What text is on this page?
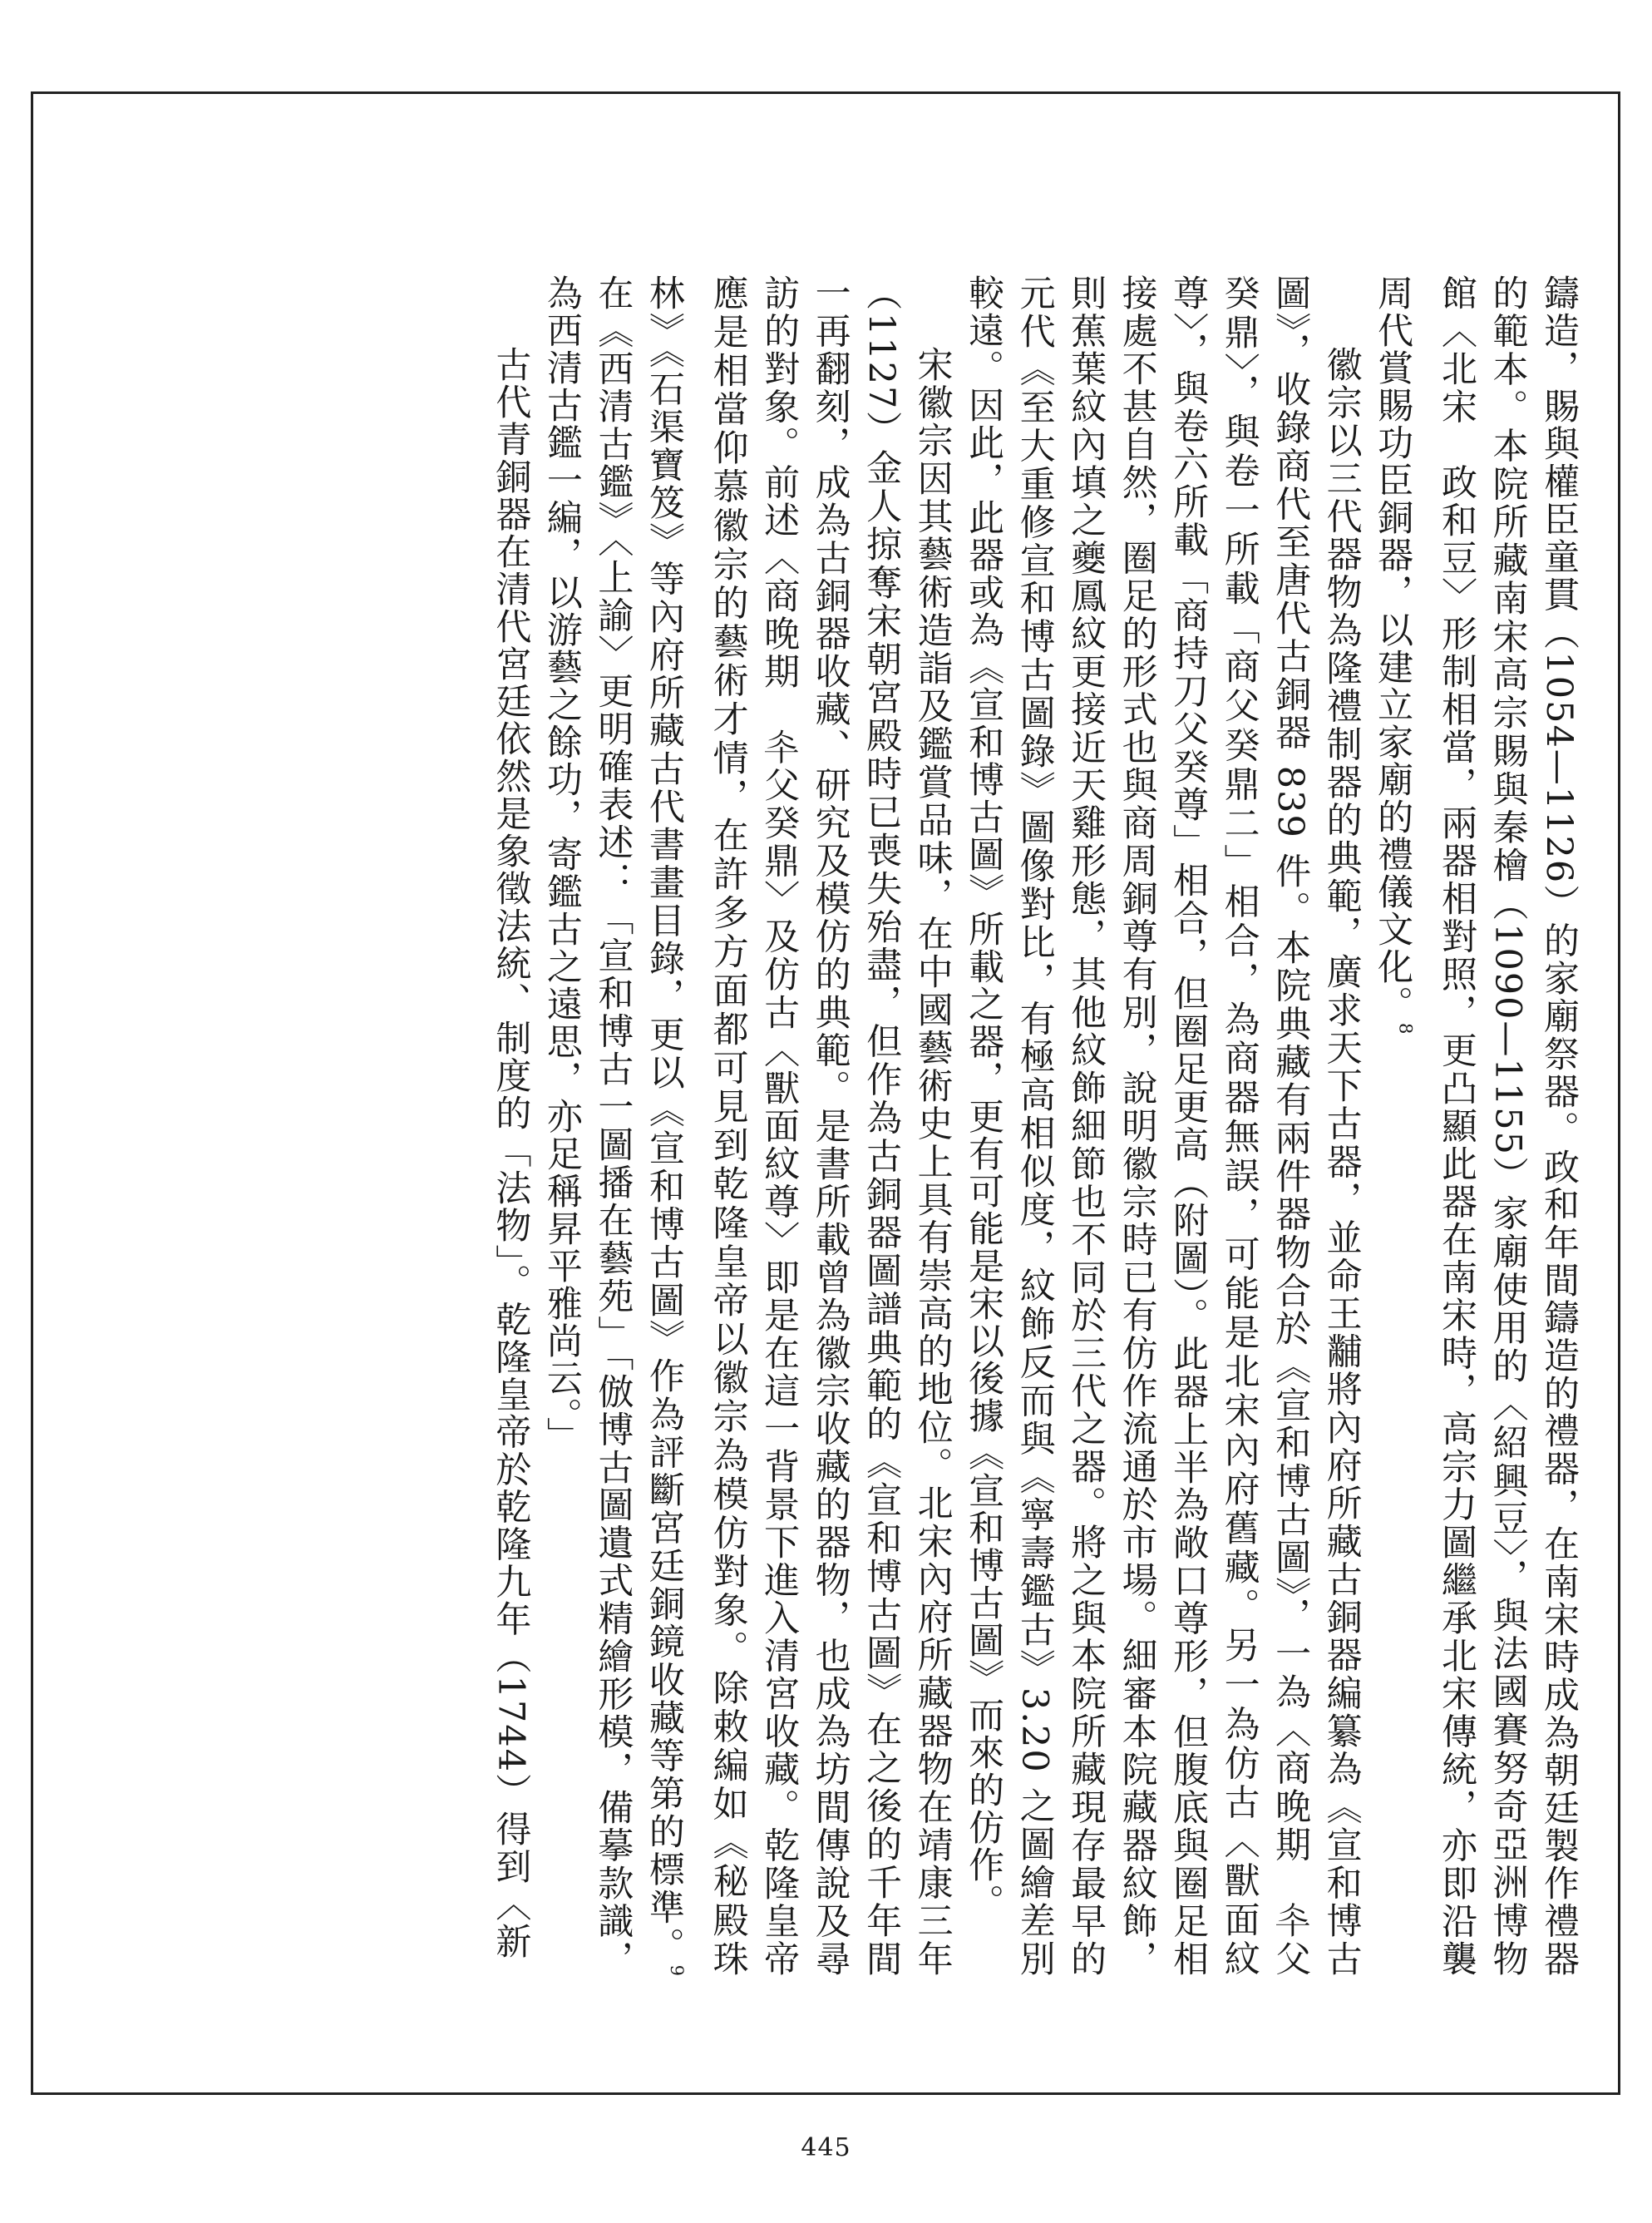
鑄造，賜與權臣童貫（1054—1126）的家廟祭器。政和年間鑄造的禮器，在南宋時成為朝廷製作禮器的範本。本院所藏南宋高宗賜與秦檜（1090—1155）家廟使用的〈紹興豆〉，與法國賽努奇亞洲博物館〈北宋　政和豆〉形制相當，兩器相對照，更凸顯此器在南宋時，高宗力圖繼承北宋傳統，亦即沿襲周代賞賜功臣銅器，以建立家廟的禮儀文化。$^8$

徽宗以三代器物為隆禮制器的典範，廣求天下古器，並命王黼將內府所藏古銅器編纂為《宣和博古圖》，收錄商代至唐代古銅器 839 件。本院典藏有兩件器物合於《宣和博古圖》，一為〈商晚期　𠦍父癸鼎〉，與卷一所載「商父癸鼎二」相合，為商器無誤，可能是北宋內府舊藏。另一為仿古〈獸面紋尊〉，與卷六所載「商持刀父癸尊」相合，但圈足更高（附圖）。此器上半為敞口尊形，但腹底與圈足相接處不甚自然，圈足的形式也與商周銅尊有別，說明徽宗時已有仿作流通於市場。細審本院藏器紋飾，則蕉葉紋內填之夔鳳紋更接近天雞形態，其他紋飾細節也不同於三代之器。將之與本院所藏現存最早的元代《至大重修宣和博古圖錄》圖像對比，有極高相似度，紋飾反而與《寧壽鑑古》3.20 之圖繪差別較遠。因此，此器或為《宣和博古圖》所載之器，更有可能是宋以後據《宣和博古圖》而來的仿作。

宋徽宗因其藝術造詣及鑑賞品味，在中國藝術史上具有崇高的地位。北宋內府所藏器物在靖康三年（1127）金人掠奪宋朝宮殿時已喪失殆盡，但作為古銅器圖譜典範的《宣和博古圖》在之後的千年間一再翻刻，成為古銅器收藏、研究及模仿的典範。是書所載曾為徽宗收藏的器物，也成為坊間傳說及尋訪的對象。前述〈商晚期　𠦍父癸鼎〉及仿古〈獸面紋尊〉即是在這一背景下進入清宮收藏。乾隆皇帝應是相當仰慕徽宗的藝術才情，在許多方面都可見到乾隆皇帝以徽宗為模仿對象。除敕編如《秘殿珠林》《石渠寶笈》等內府所藏古代書畫目錄，更以《宣和博古圖》作為評斷宮廷銅鏡收藏等第的標準。$^9$在《西清古鑑》〈上諭〉更明確表述：「宣和博古一圖播在藝苑」「倣博古圖遺式精繪形模，備摹款識，為西清古鑑一編，以游藝之餘功，寄鑑古之遠思，亦足稱昇平雅尚云。」

古代青銅器在清代宮廷依然是象徵法統、制度的「法物」。乾隆皇帝於乾隆九年（1744）得到〈新

445
